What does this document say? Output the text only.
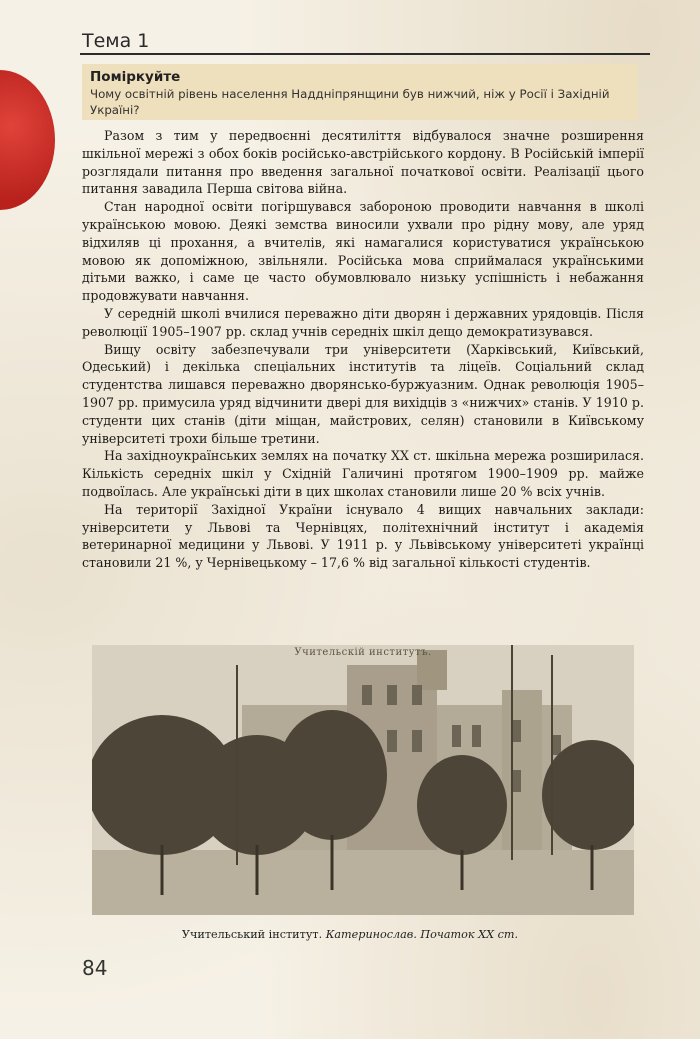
Тема 1
Поміркуйте
Чому освітній рівень населення Наддніпрянщини був нижчий, ніж у Росії і Західній Україні?

Разом з тим у передвоєнні десятиліття відбувалося значне розширення шкільної мережі з обох боків російсько-австрійського кордону. В Російській імперії розглядали питання про введення загальної початкової освіти. Реалізації цього питання завадила Перша світова війна.

Стан народної освіти погіршувався забороною проводити навчання в школі українською мовою. Деякі земства виносили ухвали про рідну мову, але уряд відхиляв ці прохання, а вчителів, які намагалися користуватися українською мовою як допоміжною, звільняли. Російська мова сприймалася українськими дітьми важко, і саме це часто обумовлювало низьку успішність і небажання продовжувати навчання.

У середній школі вчилися переважно діти дворян і державних урядовців. Після революції 1905–1907 рр. склад учнів середніх шкіл дещо демократизувався.

Вищу освіту забезпечували три університети (Харківський, Київський, Одеський) і декілька спеціальних інститутів та ліцеїв. Соціальний склад студентства лишався переважно дворянсько-буржуазним. Однак революція 1905–1907 рр. примусила уряд відчинити двері для вихідців з «нижчих» станів. У 1910 р. студенти цих станів (діти міщан, майстрових, селян) становили в Київському університеті трохи більше третини.

На західноукраїнських землях на початку XX ст. шкільна мережа розширилася. Кількість середніх шкіл у Східній Галичині протягом 1900–1909 рр. майже подвоїлась. Але українські діти в цих школах становили лише 20 % всіх учнів.

На території Західної України існувало 4 вищих навчальних заклади: університети у Львові та Чернівцях, політехнічний інститут і академія ветеринарної медицини у Львові. У 1911 р. у Львівському університеті українці становили 21 %, у Чернівецькому – 17,6 % від загальної кількості студентів.

Учительскій институтъ.
Учительський інститут. Катеринослав. Початок XX ст.
84
